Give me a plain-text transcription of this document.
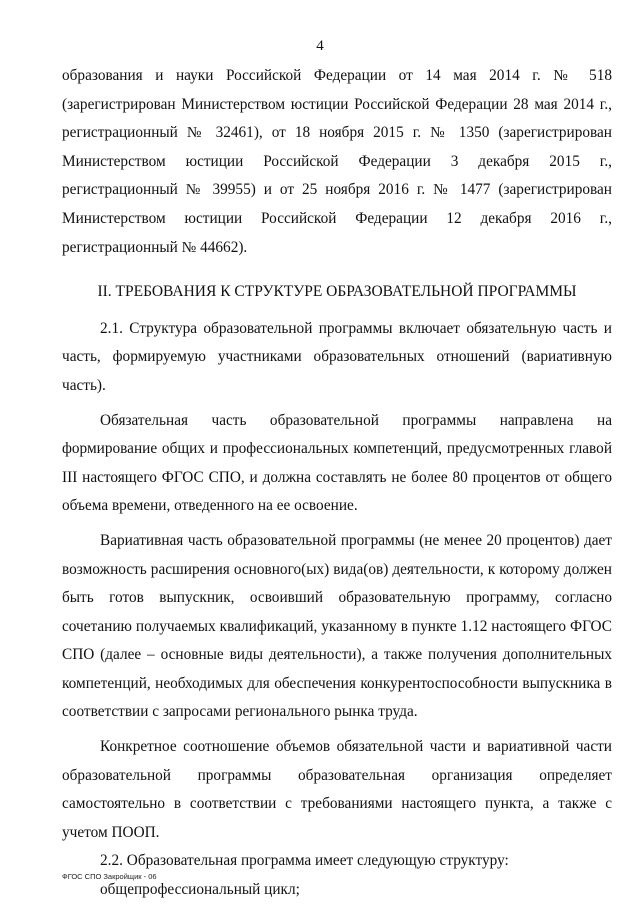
4

образования и науки Российской Федерации от 14 мая 2014 г. № 518 (зарегистрирован Министерством юстиции Российской Федерации 28 мая 2014 г., регистрационный № 32461), от 18 ноября 2015 г. № 1350 (зарегистрирован Министерством юстиции Российской Федерации 3 декабря 2015 г., регистрационный № 39955) и от 25 ноября 2016 г. № 1477 (зарегистрирован Министерством юстиции Российской Федерации 12 декабря 2016 г., регистрационный № 44662).

II. ТРЕБОВАНИЯ К СТРУКТУРЕ ОБРАЗОВАТЕЛЬНОЙ ПРОГРАММЫ

2.1. Структура образовательной программы включает обязательную часть и часть, формируемую участниками образовательных отношений (вариативную часть).

Обязательная часть образовательной программы направлена на формирование общих и профессиональных компетенций, предусмотренных главой III настоящего ФГОС СПО, и должна составлять не более 80 процентов от общего объема времени, отведенного на ее освоение.

Вариативная часть образовательной программы (не менее 20 процентов) дает возможность расширения основного(ых) вида(ов) деятельности, к которому должен быть готов выпускник, освоивший образовательную программу, согласно сочетанию получаемых квалификаций, указанному в пункте 1.12 настоящего ФГОС СПО (далее – основные виды деятельности), а также получения дополнительных компетенций, необходимых для обеспечения конкурентоспособности выпускника в соответствии с запросами регионального рынка труда.

Конкретное соотношение объемов обязательной части и вариативной части образовательной программы образовательная организация определяет самостоятельно в соответствии с требованиями настоящего пункта, а также с учетом ПООП.

2.2. Образовательная программа имеет следующую структуру:

общепрофессиональный цикл;

ФГОС СПО Закройщик - 06
